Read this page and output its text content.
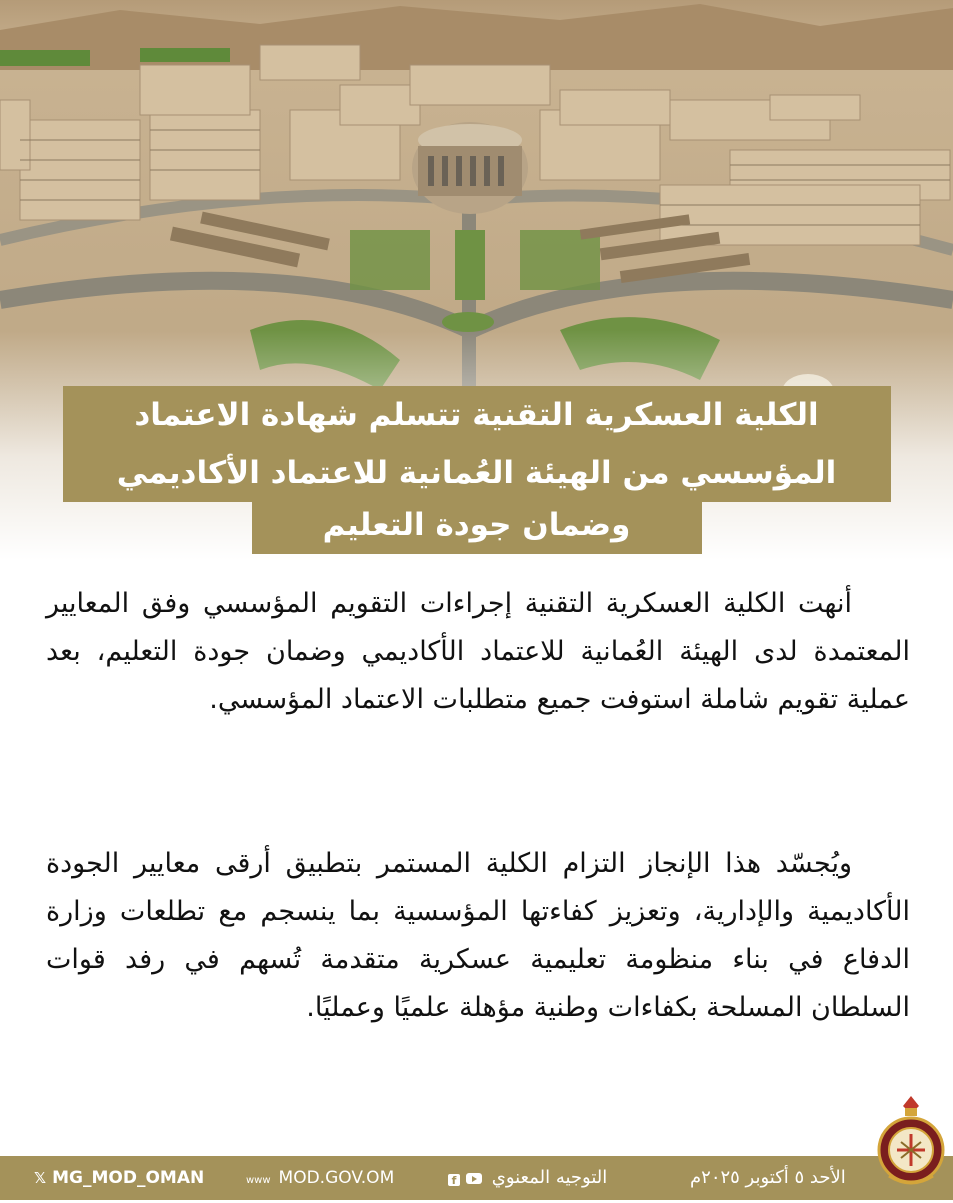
الكلية العسكرية التقنية تتسلم شهادة الاعتماد
المؤسسي من الهيئة العُمانية للاعتماد الأكاديمي
وضمان جودة التعليم

أنهت الكلية العسكرية التقنية إجراءات التقويم المؤسسي وفق المعايير المعتمدة لدى الهيئة العُمانية للاعتماد الأكاديمي وضمان جودة التعليم، بعد عملية تقويم شاملة استوفت جميع متطلبات الاعتماد المؤسسي.

ويُجسّد هذا الإنجاز التزام الكلية المستمر بتطبيق أرقى معايير الجودة الأكاديمية والإدارية، وتعزيز كفاءتها المؤسسية بما ينسجم مع تطلعات وزارة الدفاع في بناء منظومة تعليمية عسكرية متقدمة تُسهم في رفد قوات السلطان المسلحة بكفاءات وطنية مؤهلة علميًا وعمليًا.

𝕏 MG_MOD_OMAN	www MOD.GOV.OM	التوجيه المعنوي f	الأحد ٥ أكتوبر ٢٠٢٥م
